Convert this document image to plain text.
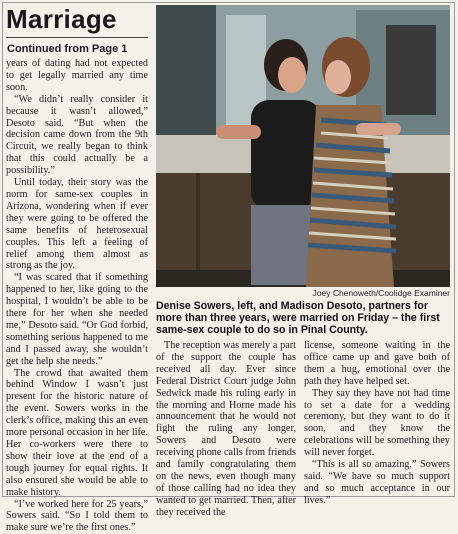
Marriage
Continued from Page 1

years of dating had not expected to get legally married any time soon.

“We didn’t really consider it because it wasn’t allowed,” Desoto said. “But when the decision came down from the 9th Circuit, we really began to think that this could actually be a possibility.”

Until today, their story was the norm for same-sex couples in Arizona, wondering when if ever they were going to be offered the same benefits of heterosexual couples. This left a feeling of relief among them almost as strong as the joy.

“I was scared that if something happened to her, like going to the hospital, I wouldn’t be able to be there for her when she needed me,” Desoto said. “Or God forbid, something serious happened to me and I passed away, she wouldn’t get the help she needs.”

The crowd that awaited them behind Window I wasn’t just present for the historic nature of the event. Sowers works in the clerk’s office, making this an even more personal occasion in her life. Her co-workers were there to show their love at the end of a tough journey for equal rights. It also ensured she would be able to make history.

“I’ve worked here for 25 years,” Sowers said. “So I told them to make sure we’re the first ones.”

Joey Chenoweth/Coolidge Examiner
Denise Sowers, left, and Madison Desoto, partners for more than three years, were married on Friday – the first same-sex couple to do so in Pinal County.

The reception was merely a part of the support the couple has received all day. Ever since Federal District Court judge John Sedwick made his ruling early in the morning and Horne made his announcement that he would not fight the ruling any longer, Sowers and Desoto were receiving phone calls from friends and family congratulating them on the news, even though many of those calling had no idea they wanted to get married. Then, after they received the

license, someone waiting in the office came up and gave both of them a hug, emotional over the path they have helped set.

They say they have not had time to set a date for a wedding ceremony, but they want to do it soon, and they know the celebrations will be something they will never forget.

“This is all so amazing,” Sowers said. “We have so much support and so much acceptance in our lives.”
